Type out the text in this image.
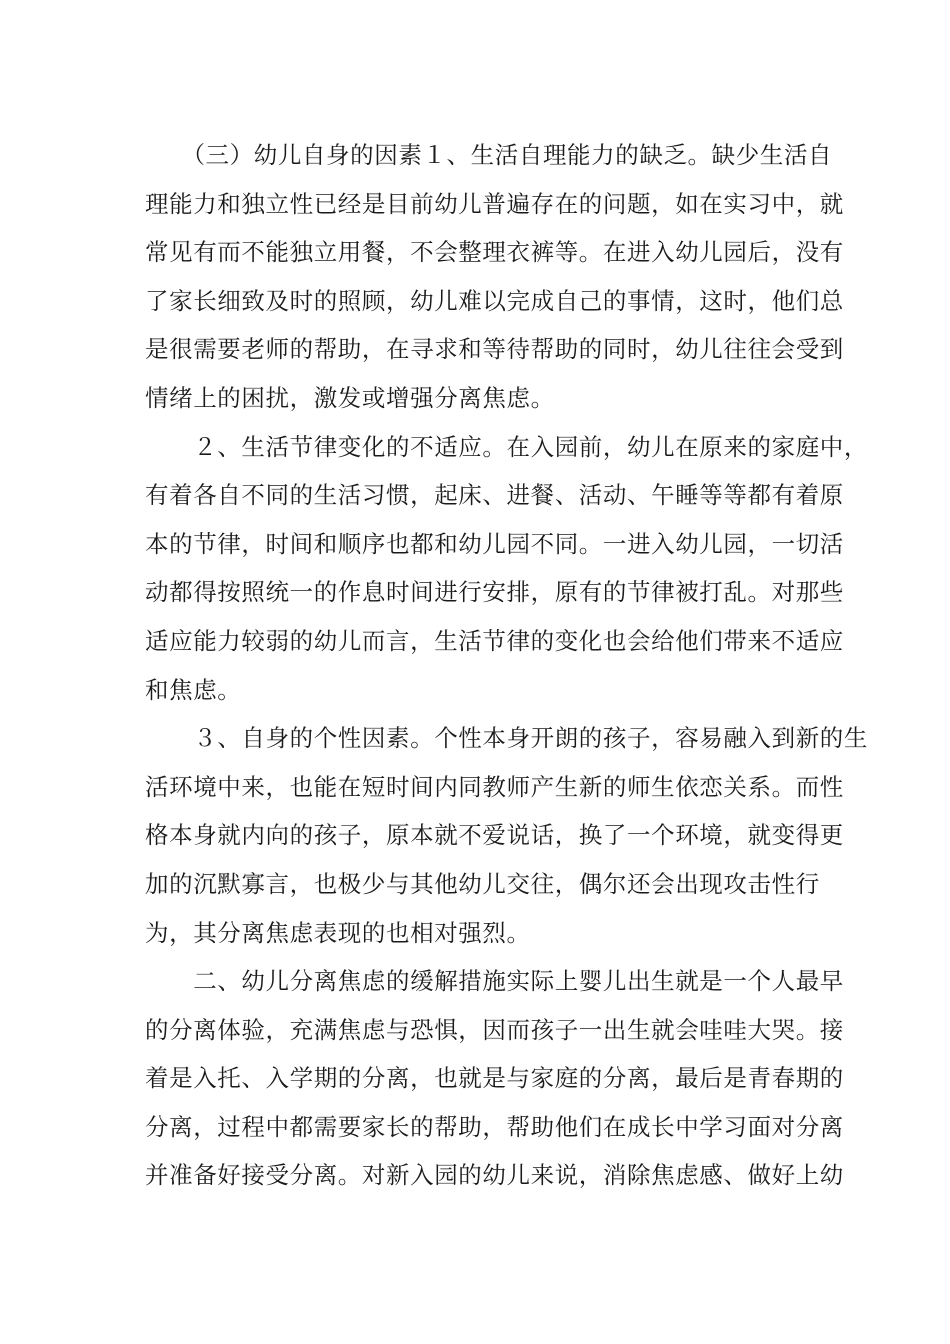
　　（三）幼儿自身的因素１、生活自理能力的缺乏。缺少生活自
理能力和独立性已经是目前幼儿普遍存在的问题，如在实习中，就
常见有而不能独立用餐，不会整理衣裤等。在进入幼儿园后，没有
了家长细致及时的照顾，幼儿难以完成自己的事情，这时，他们总
是很需要老师的帮助，在寻求和等待帮助的同时，幼儿往往会受到
情绪上的困扰，激发或增强分离焦虑。
　　２、生活节律变化的不适应。在入园前，幼儿在原来的家庭中，
有着各自不同的生活习惯，起床、进餐、活动、午睡等等都有着原
本的节律，时间和顺序也都和幼儿园不同。一进入幼儿园，一切活
动都得按照统一的作息时间进行安排，原有的节律被打乱。对那些
适应能力较弱的幼儿而言，生活节律的变化也会给他们带来不适应
和焦虑。
　　３、自身的个性因素。个性本身开朗的孩子，容易融入到新的生
活环境中来，也能在短时间内同教师产生新的师生依恋关系。而性
格本身就内向的孩子，原本就不爱说话，换了一个环境，就变得更
加的沉默寡言，也极少与其他幼儿交往，偶尔还会出现攻击性行
为，其分离焦虑表现的也相对强烈。
　　二、幼儿分离焦虑的缓解措施实际上婴儿出生就是一个人最早
的分离体验，充满焦虑与恐惧，因而孩子一出生就会哇哇大哭。接
着是入托、入学期的分离，也就是与家庭的分离，最后是青春期的
分离，过程中都需要家长的帮助，帮助他们在成长中学习面对分离
并准备好接受分离。对新入园的幼儿来说，消除焦虑感、做好上幼
